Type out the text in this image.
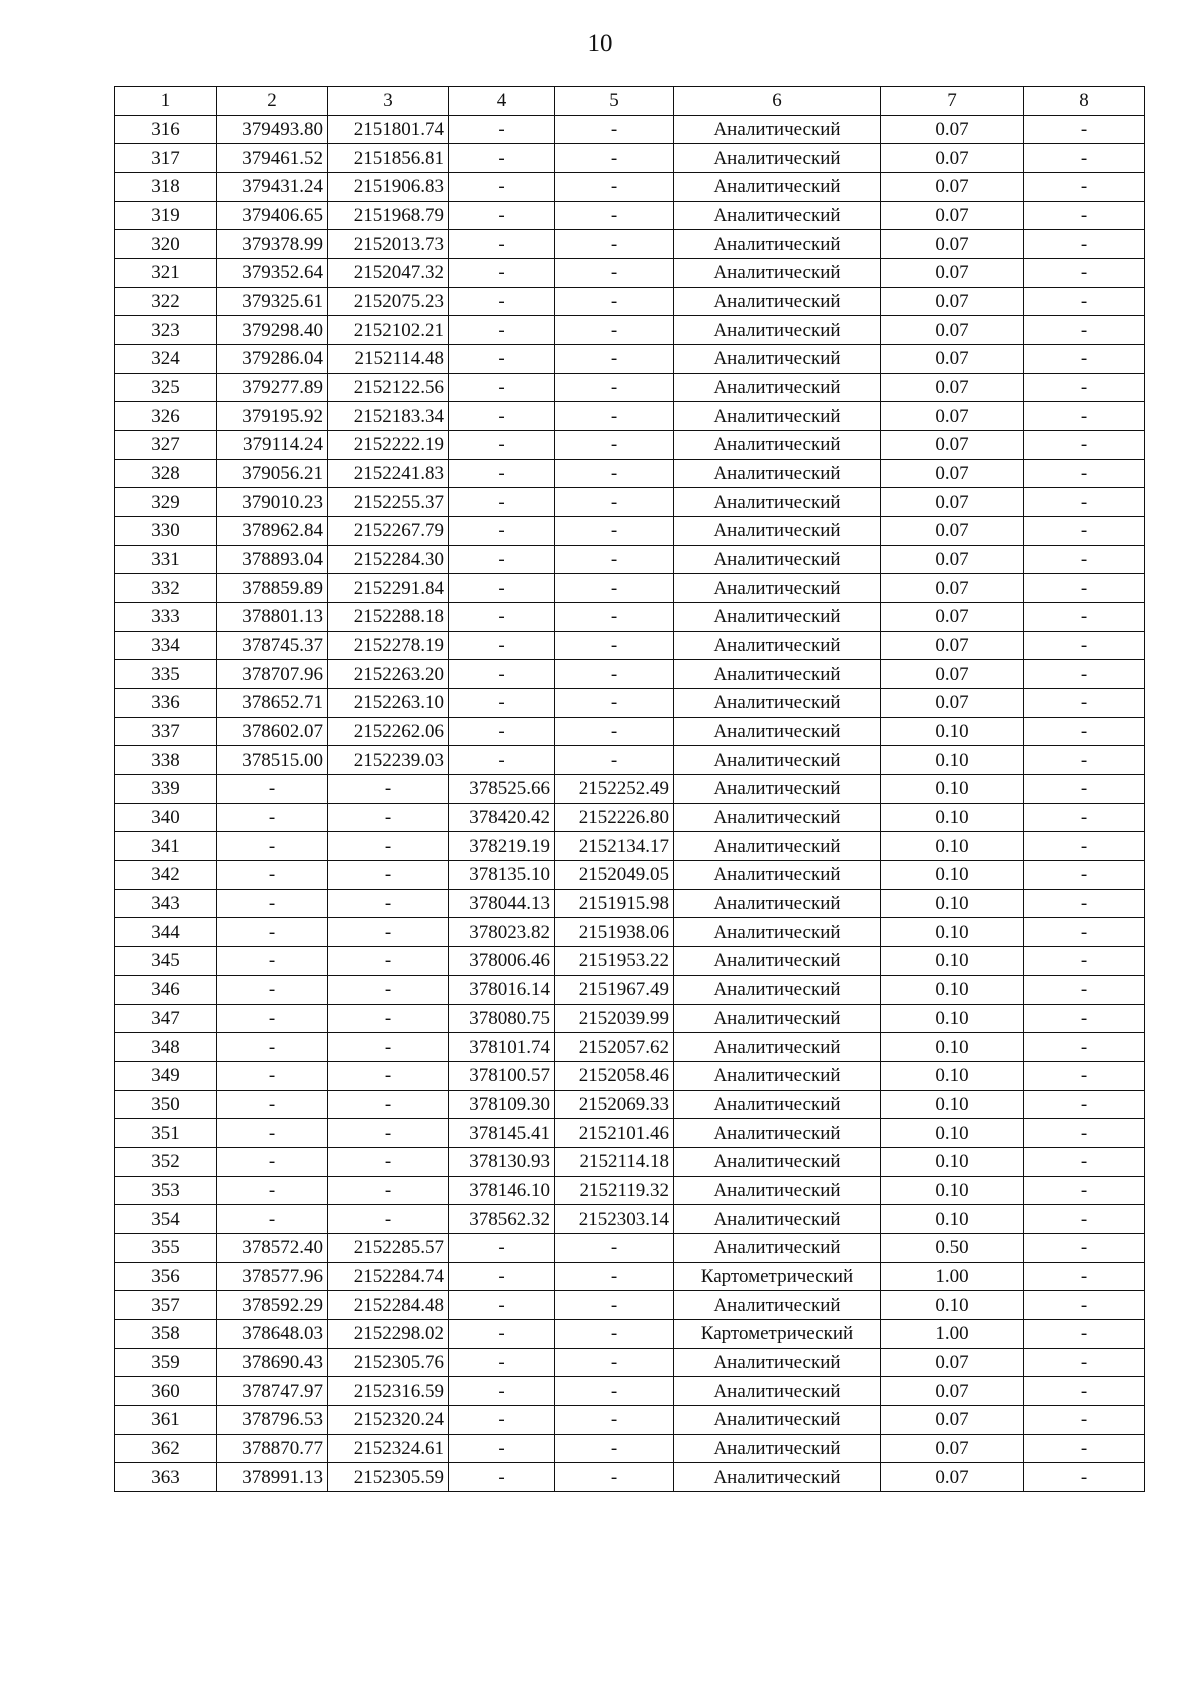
10
1	2	3	4	5	6	7	8
316	379493.80	2151801.74	-	-	Аналитический	0.07	-
317	379461.52	2151856.81	-	-	Аналитический	0.07	-
318	379431.24	2151906.83	-	-	Аналитический	0.07	-
319	379406.65	2151968.79	-	-	Аналитический	0.07	-
320	379378.99	2152013.73	-	-	Аналитический	0.07	-
321	379352.64	2152047.32	-	-	Аналитический	0.07	-
322	379325.61	2152075.23	-	-	Аналитический	0.07	-
323	379298.40	2152102.21	-	-	Аналитический	0.07	-
324	379286.04	2152114.48	-	-	Аналитический	0.07	-
325	379277.89	2152122.56	-	-	Аналитический	0.07	-
326	379195.92	2152183.34	-	-	Аналитический	0.07	-
327	379114.24	2152222.19	-	-	Аналитический	0.07	-
328	379056.21	2152241.83	-	-	Аналитический	0.07	-
329	379010.23	2152255.37	-	-	Аналитический	0.07	-
330	378962.84	2152267.79	-	-	Аналитический	0.07	-
331	378893.04	2152284.30	-	-	Аналитический	0.07	-
332	378859.89	2152291.84	-	-	Аналитический	0.07	-
333	378801.13	2152288.18	-	-	Аналитический	0.07	-
334	378745.37	2152278.19	-	-	Аналитический	0.07	-
335	378707.96	2152263.20	-	-	Аналитический	0.07	-
336	378652.71	2152263.10	-	-	Аналитический	0.07	-
337	378602.07	2152262.06	-	-	Аналитический	0.10	-
338	378515.00	2152239.03	-	-	Аналитический	0.10	-
339	-	-	378525.66	2152252.49	Аналитический	0.10	-
340	-	-	378420.42	2152226.80	Аналитический	0.10	-
341	-	-	378219.19	2152134.17	Аналитический	0.10	-
342	-	-	378135.10	2152049.05	Аналитический	0.10	-
343	-	-	378044.13	2151915.98	Аналитический	0.10	-
344	-	-	378023.82	2151938.06	Аналитический	0.10	-
345	-	-	378006.46	2151953.22	Аналитический	0.10	-
346	-	-	378016.14	2151967.49	Аналитический	0.10	-
347	-	-	378080.75	2152039.99	Аналитический	0.10	-
348	-	-	378101.74	2152057.62	Аналитический	0.10	-
349	-	-	378100.57	2152058.46	Аналитический	0.10	-
350	-	-	378109.30	2152069.33	Аналитический	0.10	-
351	-	-	378145.41	2152101.46	Аналитический	0.10	-
352	-	-	378130.93	2152114.18	Аналитический	0.10	-
353	-	-	378146.10	2152119.32	Аналитический	0.10	-
354	-	-	378562.32	2152303.14	Аналитический	0.10	-
355	378572.40	2152285.57	-	-	Аналитический	0.50	-
356	378577.96	2152284.74	-	-	Картометрический	1.00	-
357	378592.29	2152284.48	-	-	Аналитический	0.10	-
358	378648.03	2152298.02	-	-	Картометрический	1.00	-
359	378690.43	2152305.76	-	-	Аналитический	0.07	-
360	378747.97	2152316.59	-	-	Аналитический	0.07	-
361	378796.53	2152320.24	-	-	Аналитический	0.07	-
362	378870.77	2152324.61	-	-	Аналитический	0.07	-
363	378991.13	2152305.59	-	-	Аналитический	0.07	-
